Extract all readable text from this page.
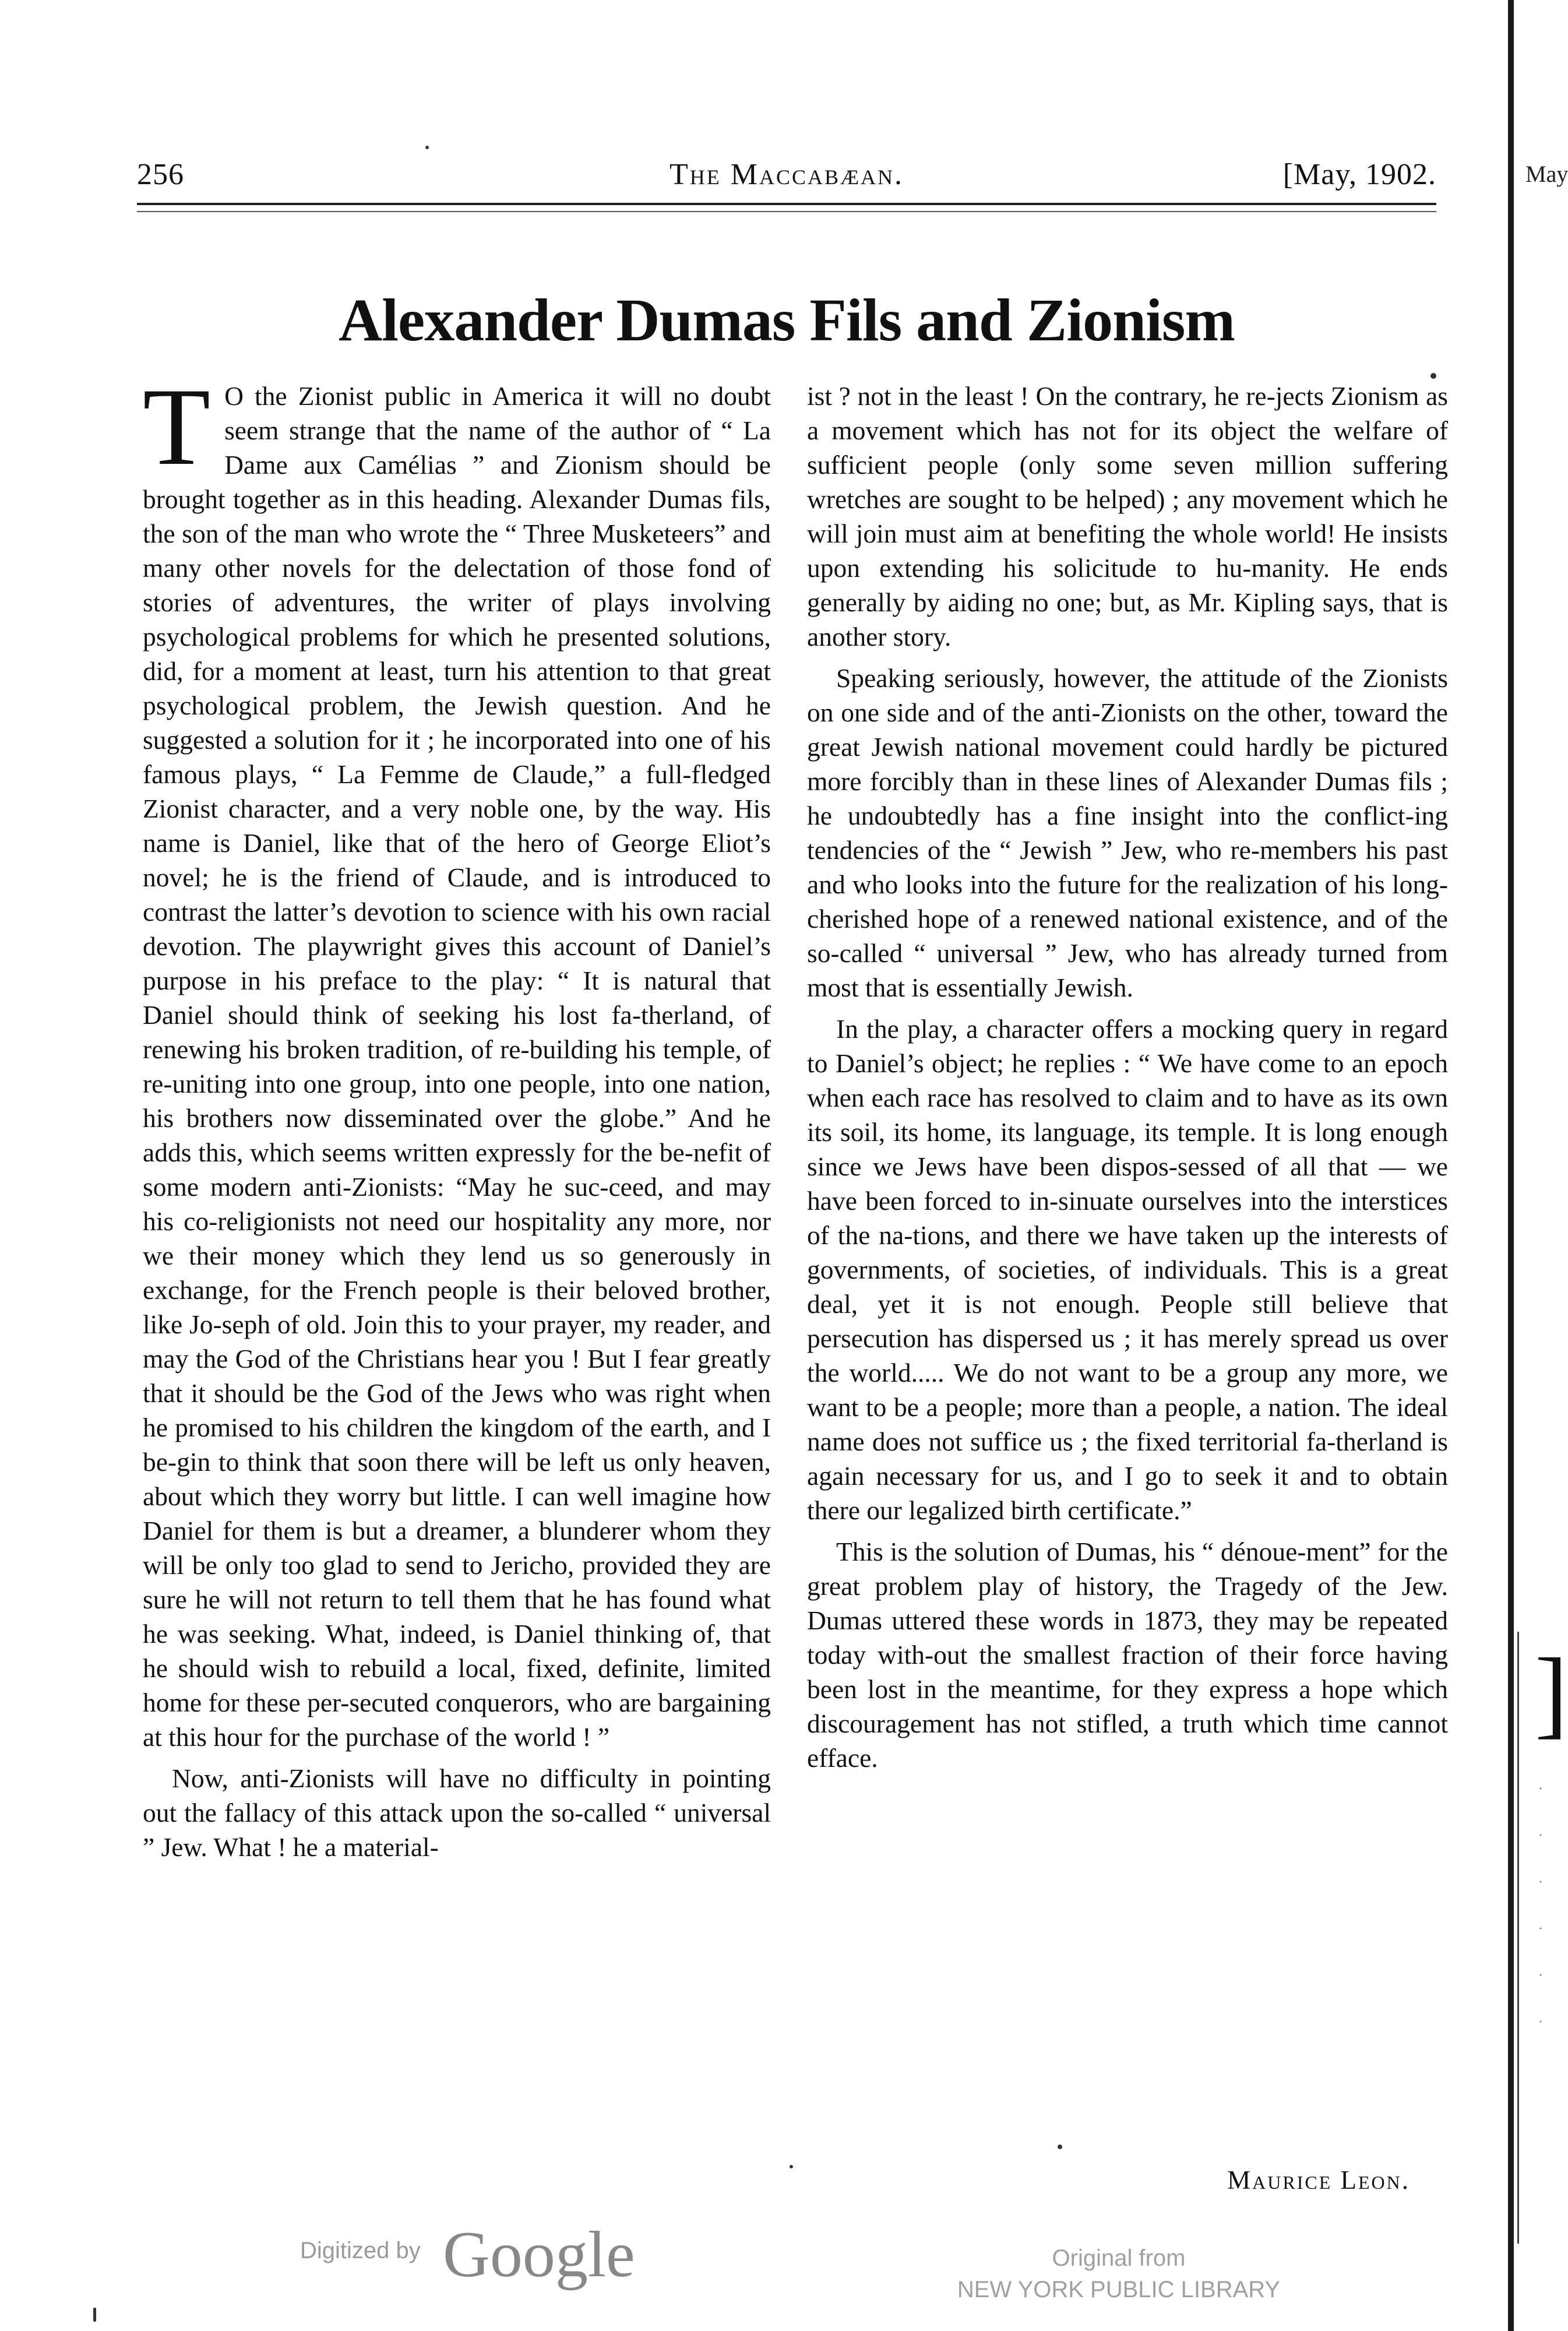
256	The Maccabæan.	[May, 1902.
Alexander Dumas Fils and Zionism

T O the Zionist public in America it will no doubt seem strange that the name of the author of “ La Dame aux Camélias ” and Zionism should be brought together as in this heading. Alexander Dumas fils, the son of the man who wrote the “ Three Musketeers” and many other novels for the delectation of those fond of stories of adventures, the writer of plays involving psychological problems for which he presented solutions, did, for a moment at least, turn his attention to that great psychological problem, the Jewish question. And he suggested a solution for it ; he incorporated into one of his famous plays, “ La Femme de Claude,” a full-fledged Zionist character, and a very noble one, by the way. His name is Daniel, like that of the hero of George Eliot’s novel; he is the friend of Claude, and is introduced to contrast the latter’s devotion to science with his own racial devotion. The playwright gives this account of Daniel’s purpose in his preface to the play: “ It is natural that Daniel should think of seeking his lost fa-therland, of renewing his broken tradition, of re-building his temple, of re-uniting into one group, into one people, into one nation, his brothers now disseminated over the globe.” And he adds this, which seems written expressly for the be-nefit of some modern anti-Zionists: “May he suc-ceed, and may his co-religionists not need our hospitality any more, nor we their money which they lend us so generously in exchange, for the French people is their beloved brother, like Jo-seph of old. Join this to your prayer, my reader, and may the God of the Christians hear you ! But I fear greatly that it should be the God of the Jews who was right when he promised to his children the kingdom of the earth, and I be-gin to think that soon there will be left us only heaven, about which they worry but little. I can well imagine how Daniel for them is but a dreamer, a blunderer whom they will be only too glad to send to Jericho, provided they are sure he will not return to tell them that he has found what he was seeking. What, indeed, is Daniel thinking of, that he should wish to rebuild a local, fixed, definite, limited home for these per-secuted conquerors, who are bargaining at this hour for the purchase of the world ! ”

Now, anti-Zionists will have no difficulty in pointing out the fallacy of this attack upon the so-called “ universal ” Jew. What ! he a material-

ist ? not in the least ! On the contrary, he re-jects Zionism as a movement which has not for its object the welfare of sufficient people (only some seven million suffering wretches are sought to be helped) ; any movement which he will join must aim at benefiting the whole world! He insists upon extending his solicitude to hu-manity. He ends generally by aiding no one; but, as Mr. Kipling says, that is another story.

Speaking seriously, however, the attitude of the Zionists on one side and of the anti-Zionists on the other, toward the great Jewish national movement could hardly be pictured more forcibly than in these lines of Alexander Dumas fils ; he undoubtedly has a fine insight into the conflict-ing tendencies of the “ Jewish ” Jew, who re-members his past and who looks into the future for the realization of his long-cherished hope of a renewed national existence, and of the so-called “ universal ” Jew, who has already turned from most that is essentially Jewish.

In the play, a character offers a mocking query in regard to Daniel’s object; he replies : “ We have come to an epoch when each race has resolved to claim and to have as its own its soil, its home, its language, its temple. It is long enough since we Jews have been dispos-sessed of all that — we have been forced to in-sinuate ourselves into the interstices of the na-tions, and there we have taken up the interests of governments, of societies, of individuals. This is a great deal, yet it is not enough. People still believe that persecution has dispersed us ; it has merely spread us over the world..... We do not want to be a group any more, we want to be a people; more than a people, a nation. The ideal name does not suffice us ; the fixed territorial fa-therland is again necessary for us, and I go to seek it and to obtain there our legalized birth certificate.”

This is the solution of Dumas, his “ dénoue-ment” for the great problem play of history, the Tragedy of the Jew. Dumas uttered these words in 1873, they may be repeated today with-out the smallest fraction of their force having been lost in the meantime, for they express a hope which discouragement has not stifled, a truth which time cannot efface.

Maurice Leon.
Digitized by Google	Original from
NEW YORK PUBLIC LIBRARY
May
]
·
·
·
·
·
·
